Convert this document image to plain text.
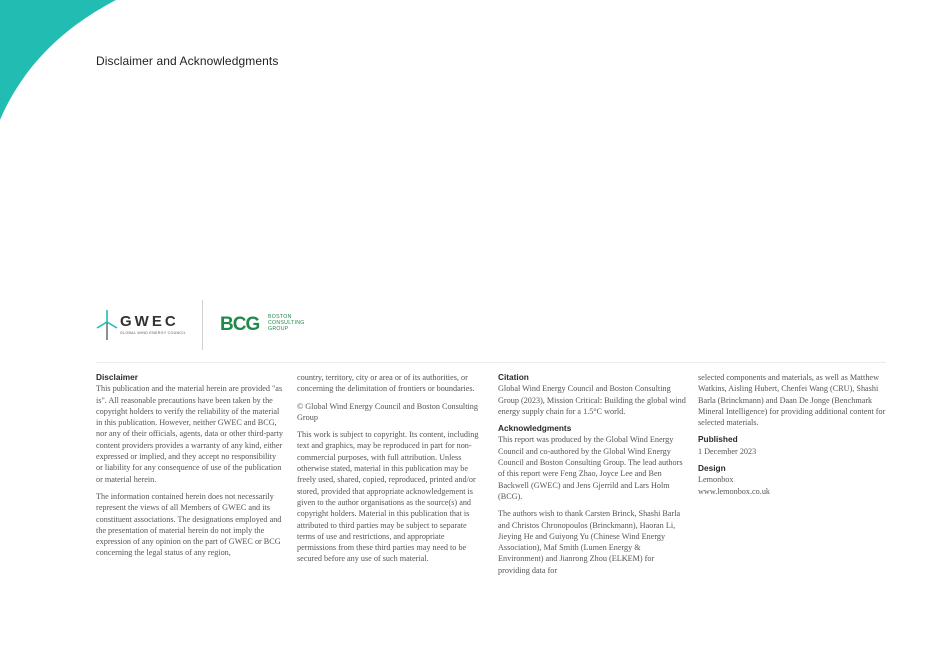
Disclaimer and Acknowledgments
GWEC
GLOBAL WIND ENERGY COUNCIL BCG BOSTON
CONSULTING
GROUP
Disclaimer

This publication and the material herein are provided "as is". All reasonable precautions have been taken by the copyright holders to verify the reliability of the material in this publication. However, neither GWEC and BCG, nor any of their officials, agents, data or other third-party content providers provides a warranty of any kind, either expressed or implied, and they accept no responsibility or liability for any consequence of use of the publication or material herein.

The information contained herein does not necessarily represent the views of all Members of GWEC and its constituent associations. The designations employed and the presentation of material herein do not imply the expression of any opinion on the part of GWEC or BCG concerning the legal status of any region,

country, territory, city or area or of its authorities, or concerning the delimitation of frontiers or boundaries.

© Global Wind Energy Council and Boston Consulting Group

This work is subject to copyright. Its content, including text and graphics, may be reproduced in part for non-commercial purposes, with full attribution. Unless otherwise stated, material in this publication may be freely used, shared, copied, reproduced, printed and/or stored, provided that appropriate acknowledgement is given to the author organisations as the source(s) and copyright holders. Material in this publication that is attributed to third parties may be subject to separate terms of use and restrictions, and appropriate permissions from these third parties may need to be secured before any use of such material.

Citation

Global Wind Energy Council and Boston Consulting Group (2023), Mission Critical: Building the global wind energy supply chain for a 1.5°C world.

Acknowledgments

This report was produced by the Global Wind Energy Council and co-authored by the Global Wind Energy Council and Boston Consulting Group. The lead authors of this report were Feng Zhao, Joyce Lee and Ben Backwell (GWEC) and Jens Gjerrild and Lars Holm (BCG).

The authors wish to thank Carsten Brinck, Shashi Barla and Christos Chronopoulos (Brinckmann), Haoran Li, Jieying He and Guiyong Yu (Chinese Wind Energy Association), Maf Smith (Lumen Energy & Environment) and Jianrong Zhou (ELKEM) for providing data for

selected components and materials, as well as Matthew Watkins, Aisling Hubert, Chenfei Wang (CRU), Shashi Barla (Brinckmann) and Daan De Jonge (Benchmark Mineral Intelligence) for providing additional content for selected materials.

Published

1 December 2023

Design
Lemonbox
www.lemonbox.co.uk
